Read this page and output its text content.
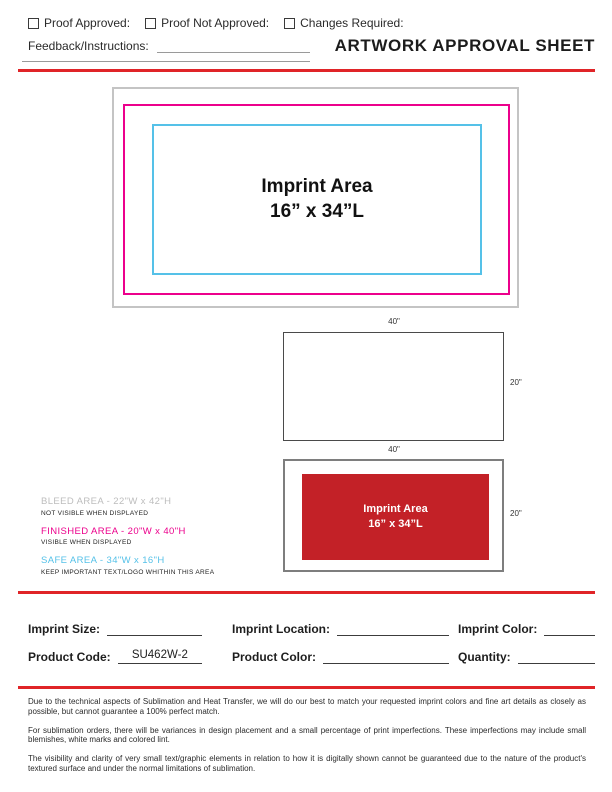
Proof Approved:	Proof Not Approved:	Changes Required:
Feedback/Instructions:	ARTWORK APPROVAL SHEET
Imprint Area
16” x 34”L
40"
20"
40"
Imprint Area
16” x 34”L
20"
BLEED AREA - 22"W x 42"H
NOT VISIBLE WHEN DISPLAYED
FINISHED AREA - 20"W x 40"H
VISIBLE WHEN DISPLAYED
SAFE AREA - 34"W x 16"H
KEEP IMPORTANT TEXT/LOGO WHITHIN THIS AREA
Imprint Size:	Imprint Location:	Imprint Color:
Product Code:	SU462W-2	Product Color:	Quantity:

Due to the technical aspects of Sublimation and Heat Transfer, we will do our best to match your requested imprint colors and fine art details as closely as possible, but cannot guarantee a 100% perfect match.

For sublimation orders, there will be variances in design placement and a small percentage of print imperfections. These imperfections may include small blemishes, white marks and colored lint.

The visibility and clarity of very small text/graphic elements in relation to how it is digitally shown cannot be guaranteed due to the nature of the product's textured surface and under the normal limitations of sublimation.
